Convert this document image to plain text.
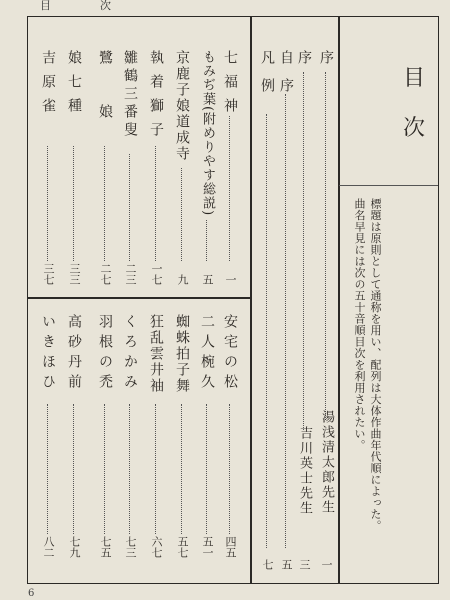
目	次
目
次
標題は原則として通称を用い、配列は大体作曲年代順によった。
曲名早見には次の五十音順目次を利用されたい。
序
一
湯浅清太郎先生
序
三
吉川英士先生
自序
五
凡例
七
七福神
一
もみぢ葉(附めりやす総説)
五
京鹿子娘道成寺
九
執着獅子
一七
雛鶴三番叟
二三
鷺娘
二七
娘七種
三三
吉原雀
三七
安宅の松
四五
二人椀久
五一
蜘蛛拍子舞
五七
狂乱雲井袖
六七
くろかみ
七三
羽根の禿
七五
高砂丹前
七九
いきほひ
八二
6
